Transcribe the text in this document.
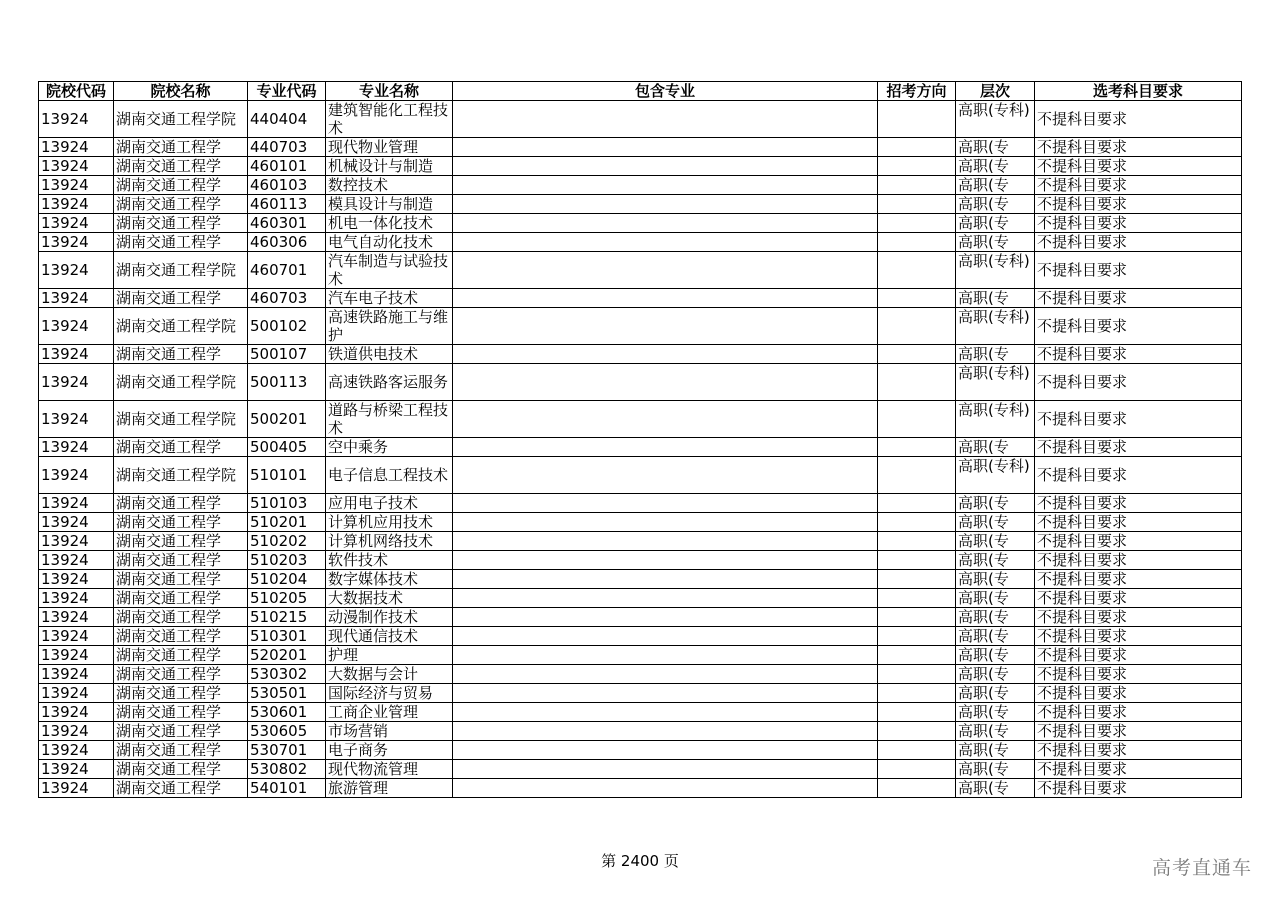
院校代码	院校名称	专业代码	专业名称	包含专业	招考方向	层次	选考科目要求
13924	湖南交通工程学院	440404	建筑智能化工程技术			高职(专科)	不提科目要求
13924	湖南交通工程学	440703	现代物业管理			高职(专	不提科目要求
13924	湖南交通工程学	460101	机械设计与制造			高职(专	不提科目要求
13924	湖南交通工程学	460103	数控技术			高职(专	不提科目要求
13924	湖南交通工程学	460113	模具设计与制造			高职(专	不提科目要求
13924	湖南交通工程学	460301	机电一体化技术			高职(专	不提科目要求
13924	湖南交通工程学	460306	电气自动化技术			高职(专	不提科目要求
13924	湖南交通工程学院	460701	汽车制造与试验技术			高职(专科)	不提科目要求
13924	湖南交通工程学	460703	汽车电子技术			高职(专	不提科目要求
13924	湖南交通工程学院	500102	高速铁路施工与维护			高职(专科)	不提科目要求
13924	湖南交通工程学	500107	铁道供电技术			高职(专	不提科目要求
13924	湖南交通工程学院	500113	高速铁路客运服务			高职(专科)	不提科目要求
13924	湖南交通工程学院	500201	道路与桥梁工程技术			高职(专科)	不提科目要求
13924	湖南交通工程学	500405	空中乘务			高职(专	不提科目要求
13924	湖南交通工程学院	510101	电子信息工程技术			高职(专科)	不提科目要求
13924	湖南交通工程学	510103	应用电子技术			高职(专	不提科目要求
13924	湖南交通工程学	510201	计算机应用技术			高职(专	不提科目要求
13924	湖南交通工程学	510202	计算机网络技术			高职(专	不提科目要求
13924	湖南交通工程学	510203	软件技术			高职(专	不提科目要求
13924	湖南交通工程学	510204	数字媒体技术			高职(专	不提科目要求
13924	湖南交通工程学	510205	大数据技术			高职(专	不提科目要求
13924	湖南交通工程学	510215	动漫制作技术			高职(专	不提科目要求
13924	湖南交通工程学	510301	现代通信技术			高职(专	不提科目要求
13924	湖南交通工程学	520201	护理			高职(专	不提科目要求
13924	湖南交通工程学	530302	大数据与会计			高职(专	不提科目要求
13924	湖南交通工程学	530501	国际经济与贸易			高职(专	不提科目要求
13924	湖南交通工程学	530601	工商企业管理			高职(专	不提科目要求
13924	湖南交通工程学	530605	市场营销			高职(专	不提科目要求
13924	湖南交通工程学	530701	电子商务			高职(专	不提科目要求
13924	湖南交通工程学	530802	现代物流管理			高职(专	不提科目要求
13924	湖南交通工程学	540101	旅游管理			高职(专	不提科目要求
第 2400 页	高考直通车
